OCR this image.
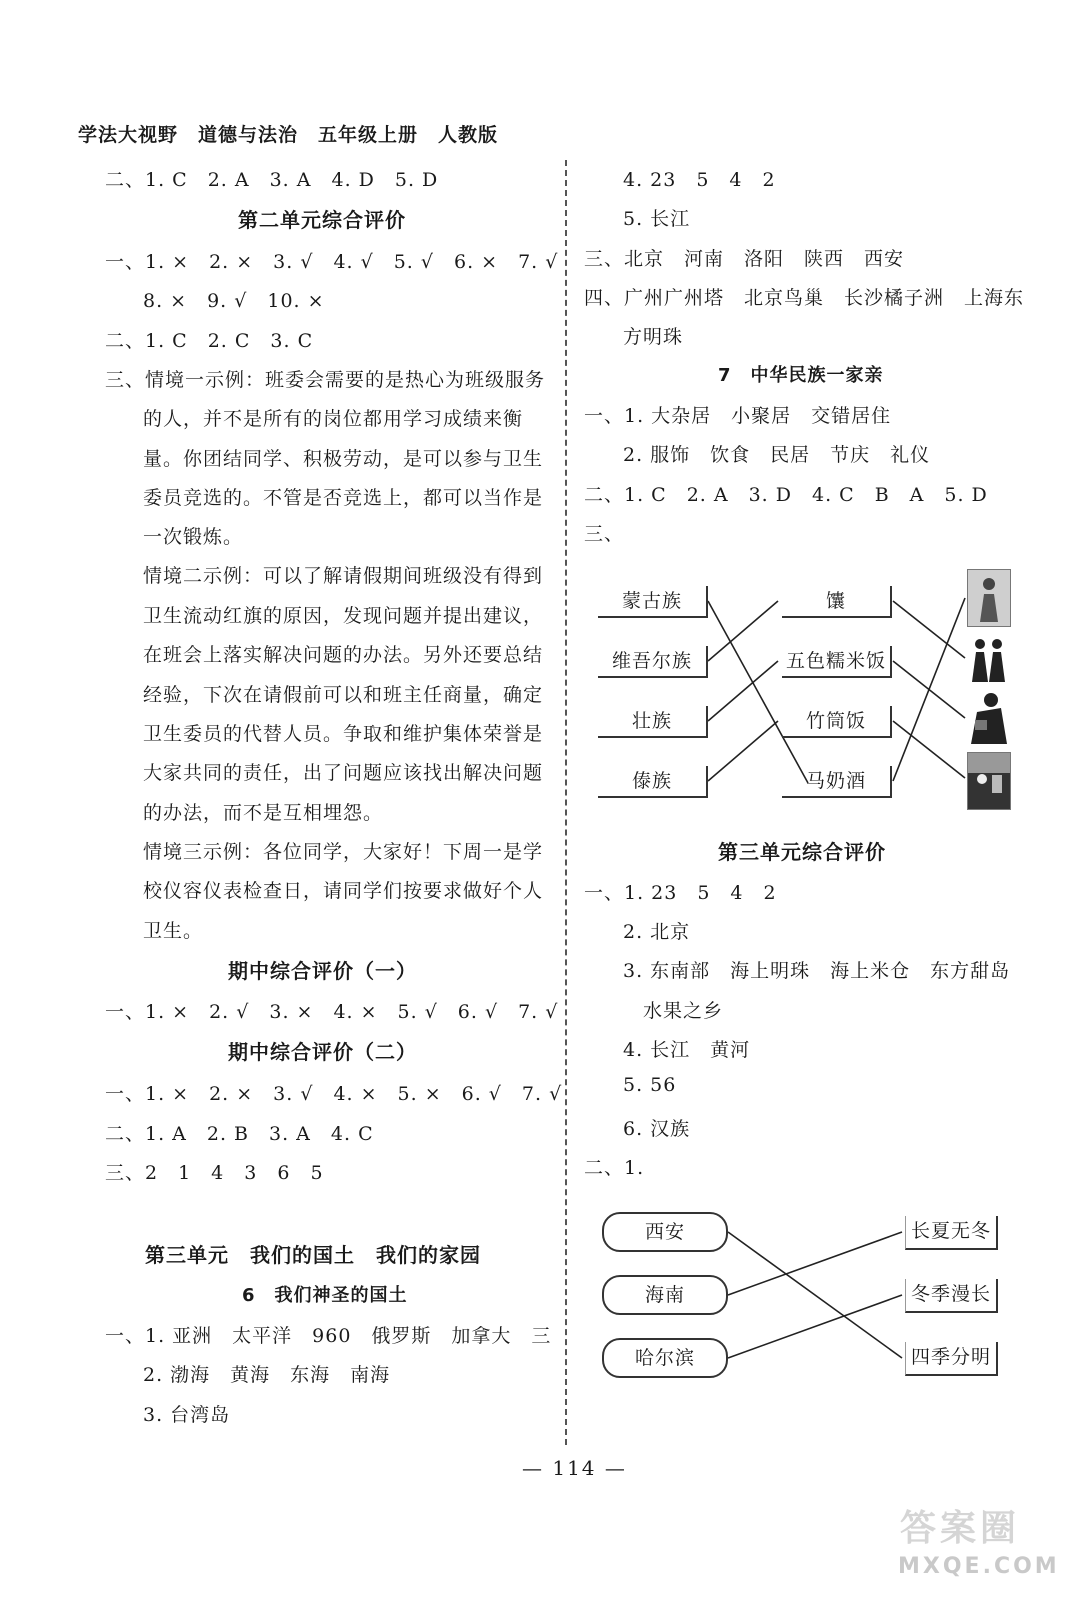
学法大视野　道德与法治　五年级上册　人教版
二、1. C　2. A　3. A　4. D　5. D
第二单元综合评价
一、1. ×　2. ×　3. √　4. √　5. √　6. ×　7. √
8. ×　9. √　10. ×
二、1. C　2. C　3. C
三、情境一示例：班委会需要的是热心为班级服务
的人，并不是所有的岗位都用学习成绩来衡
量。你团结同学、积极劳动，是可以参与卫生
委员竞选的。不管是否竞选上，都可以当作是
一次锻炼。
情境二示例：可以了解请假期间班级没有得到
卫生流动红旗的原因，发现问题并提出建议，
在班会上落实解决问题的办法。另外还要总结
经验，下次在请假前可以和班主任商量，确定
卫生委员的代替人员。争取和维护集体荣誉是
大家共同的责任，出了问题应该找出解决问题
的办法，而不是互相埋怨。
情境三示例：各位同学，大家好！下周一是学
校仪容仪表检查日，请同学们按要求做好个人
卫生。
期中综合评价（一）
一、1. ×　2. √　3. ×　4. ×　5. √　6. √　7. √
期中综合评价（二）
一、1. ×　2. ×　3. √　4. ×　5. ×　6. √　7. √
二、1. A　2. B　3. A　4. C
三、2　1　4　3　6　5
第三单元　我们的国土　我们的家园
6　我们神圣的国土
一、1. 亚洲　太平洋　960　俄罗斯　加拿大　三
2. 渤海　黄海　东海　南海
3. 台湾岛
4. 23　5　4　2
5. 长江
三、北京　河南　洛阳　陕西　西安
四、广州广州塔　北京鸟巢　长沙橘子洲　上海东
方明珠
7　中华民族一家亲
一、1. 大杂居　小聚居　交错居住
2. 服饰　饮食　民居　节庆　礼仪
二、1. C　2. A　3. D　4. C　B　A　5. D
三、
蒙古族
维吾尔族
壮族
傣族
馕
五色糯米饭
竹筒饭
马奶酒
第三单元综合评价
一、1. 23　5　4　2
2. 北京
3. 东南部　海上明珠　海上米仓　东方甜岛
水果之乡
4. 长江　黄河
5. 56
6. 汉族
二、1.
西安
海南
哈尔滨
长夏无冬
冬季漫长
四季分明
— 114 —
答案圈
MXQE.COM
